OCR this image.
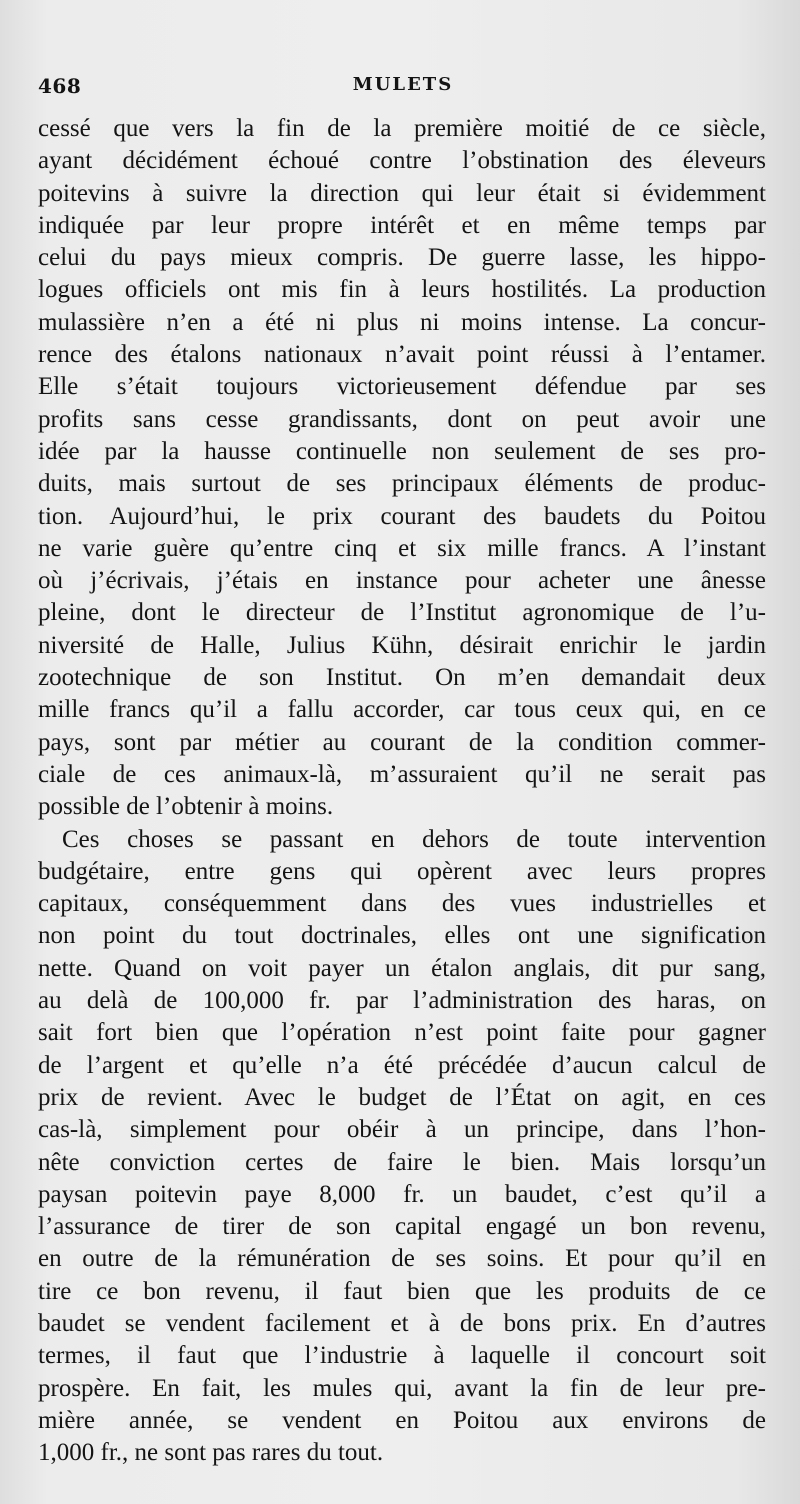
468	MULETS
cessé que vers la fin de la première moitié de ce siècle,
ayant décidément échoué contre l’obstination des éleveurs
poitevins à suivre la direction qui leur était si évidemment
indiquée par leur propre intérêt et en même temps par
celui du pays mieux compris. De guerre lasse, les hippo-
logues officiels ont mis fin à leurs hostilités. La production
mulassière n’en a été ni plus ni moins intense. La concur-
rence des étalons nationaux n’avait point réussi à l’entamer.
Elle s’était toujours victorieusement défendue par ses
profits sans cesse grandissants, dont on peut avoir une
idée par la hausse continuelle non seulement de ses pro-
duits, mais surtout de ses principaux éléments de produc-
tion. Aujourd’hui, le prix courant des baudets du Poitou
ne varie guère qu’entre cinq et six mille francs. A l’instant
où j’écrivais, j’étais en instance pour acheter une ânesse
pleine, dont le directeur de l’Institut agronomique de l’u-
niversité de Halle, Julius Kühn, désirait enrichir le jardin
zootechnique de son Institut. On m’en demandait deux
mille francs qu’il a fallu accorder, car tous ceux qui, en ce
pays, sont par métier au courant de la condition commer-
ciale de ces animaux-là, m’assuraient qu’il ne serait pas
possible de l’obtenir à moins.
Ces choses se passant en dehors de toute intervention
budgétaire, entre gens qui opèrent avec leurs propres
capitaux, conséquemment dans des vues industrielles et
non point du tout doctrinales, elles ont une signification
nette. Quand on voit payer un étalon anglais, dit pur sang,
au delà de 100,000 fr. par l’administration des haras, on
sait fort bien que l’opération n’est point faite pour gagner
de l’argent et qu’elle n’a été précédée d’aucun calcul de
prix de revient. Avec le budget de l’État on agit, en ces
cas-là, simplement pour obéir à un principe, dans l’hon-
nête conviction certes de faire le bien. Mais lorsqu’un
paysan poitevin paye 8,000 fr. un baudet, c’est qu’il a
l’assurance de tirer de son capital engagé un bon revenu,
en outre de la rémunération de ses soins. Et pour qu’il en
tire ce bon revenu, il faut bien que les produits de ce
baudet se vendent facilement et à de bons prix. En d’autres
termes, il faut que l’industrie à laquelle il concourt soit
prospère. En fait, les mules qui, avant la fin de leur pre-
mière année, se vendent en Poitou aux environs de
1,000 fr., ne sont pas rares du tout.
